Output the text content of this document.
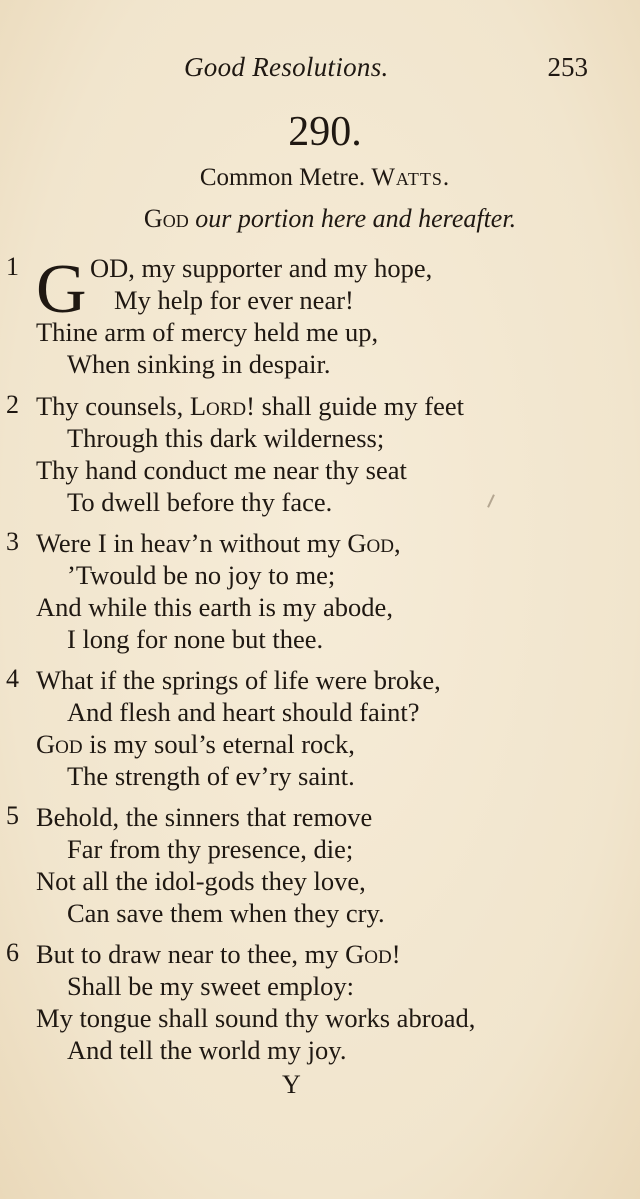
Good Resolutions.	253
290.
Common Metre. Watts.
God our portion here and hereafter.
1 G OD, my supporter and my hope,
My help for ever near!
Thine arm of mercy held me up,
When sinking in despair.
2 Thy counsels, Lord! shall guide my feet
Through this dark wilderness;
Thy hand conduct me near thy seat
To dwell before thy face.
3 Were I in heav’n without my God,
’Twould be no joy to me;
And while this earth is my abode,
I long for none but thee.
4 What if the springs of life were broke,
And flesh and heart should faint?
God is my soul’s eternal rock,
The strength of ev’ry saint.
5 Behold, the sinners that remove
Far from thy presence, die;
Not all the idol-gods they love,
Can save them when they cry.
6 But to draw near to thee, my God!
Shall be my sweet employ:
My tongue shall sound thy works abroad,
And tell the world my joy.
Y
